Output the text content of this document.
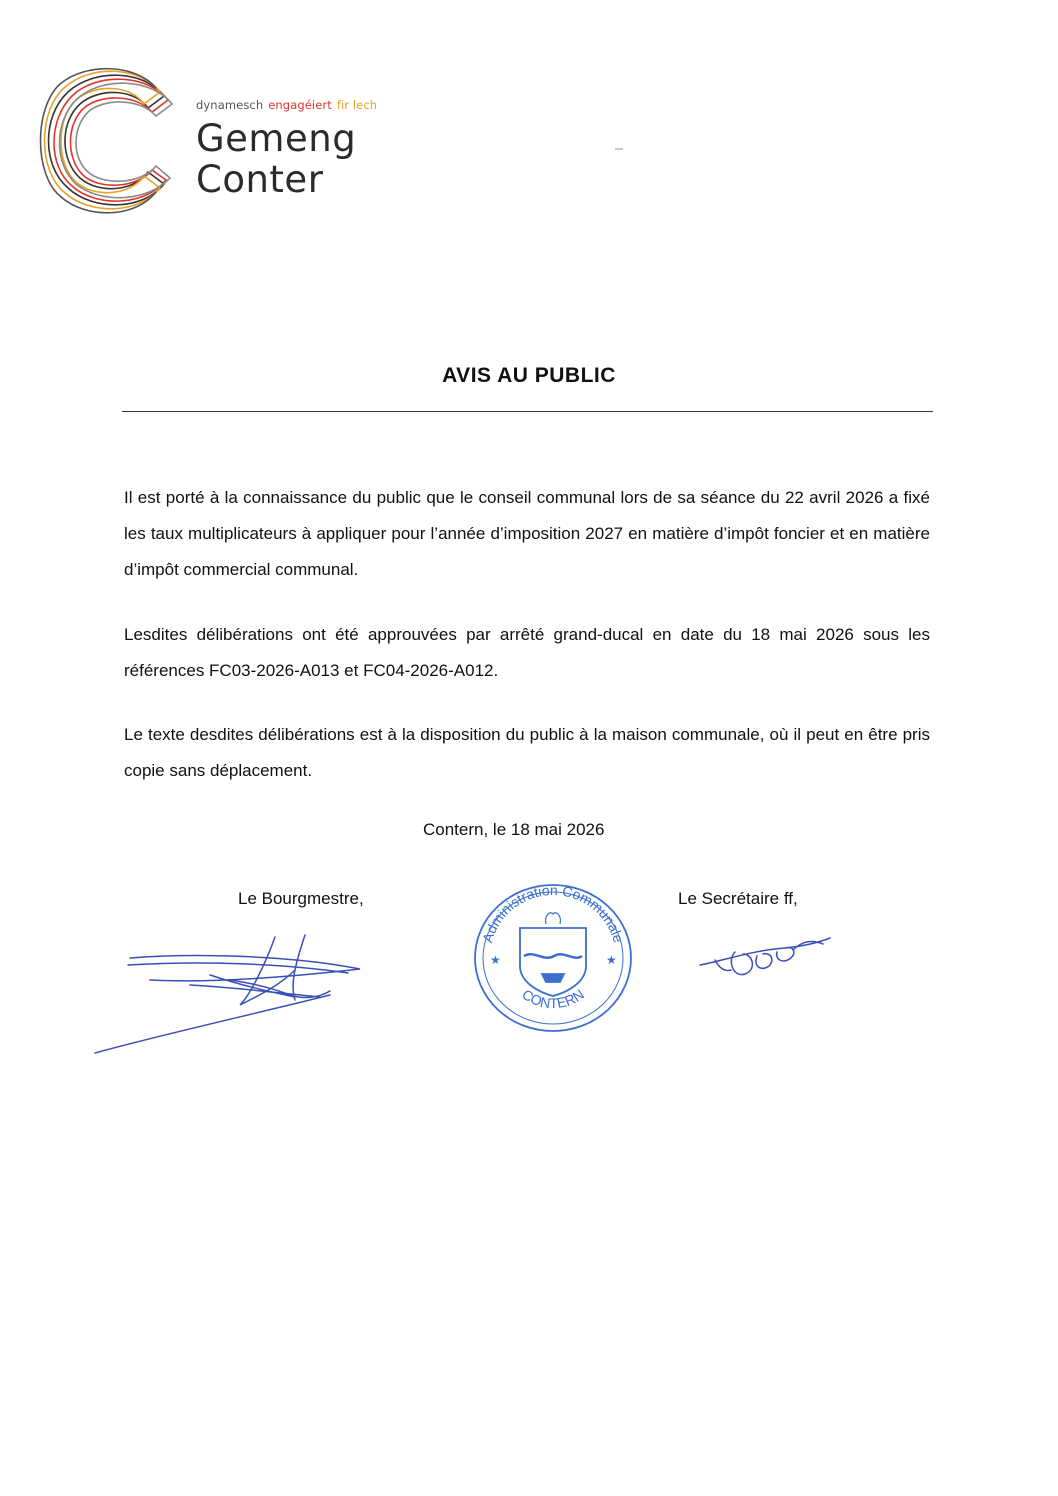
dynamesch engagéiert fir lech
Gemeng
Conter
AVIS AU PUBLIC
Il est porté à la connaissance du public que le conseil communal lors de sa séance du 22 avril 2026 a fixé les taux multiplicateurs à appliquer pour l’année d’imposition 2027 en matière d’impôt foncier et en matière d’impôt commercial communal.
Lesdites délibérations ont été approuvées par arrêté grand-ducal en date du 18 mai 2026 sous les références FC03-2026-A013 et FC04-2026-A012.
Le texte desdites délibérations est à la disposition du public à la maison communale, où il peut en être pris copie sans déplacement.
Contern, le 18 mai 2026
Le Bourgmestre,	Le Secrétaire ff,
Administration Communale
CONTERN
★	★
